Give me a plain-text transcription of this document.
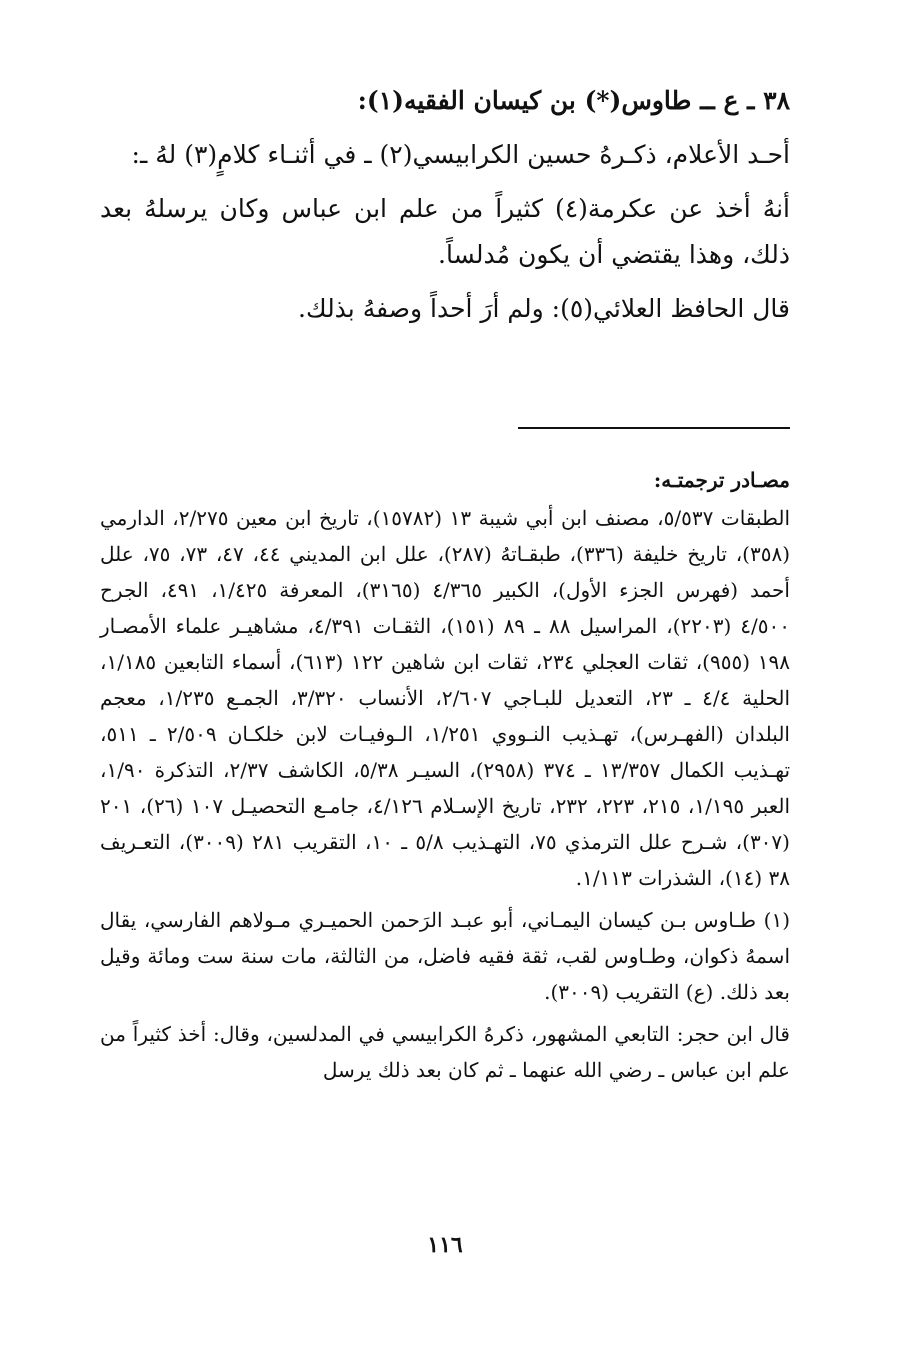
٣٨ ـ ع ــ طاوس(*) بن كيسان الفقيه(١):

أحـد الأعلام، ذكـرهُ حسين الكرابيسي(٢) ـ في أثنـاء كلامٍ(٣) لهُ ـ:

أنهُ أخذ عن عكرمة(٤) كثيراً من علم ابن عباس وكان يرسلهُ بعد ذلك، وهذا يقتضي أن يكون مُدلساً.

قال الحافظ العلائي(٥): ولم أرَ أحداً وصفهُ بذلك.

مصـادر ترجمتـه:

الطبقات ٥/٥٣٧، مصنف ابن أبي شيبة ١٣ (١٥٧٨٢)، تاريخ ابن معين ٢/٢٧٥، الدارمي (٣٥٨)، تاريخ خليفة (٣٣٦)، طبقـاتهُ (٢٨٧)، علل ابن المديني ٤٤، ٤٧، ٧٣، ٧٥، علل أحمد (فهرس الجزء الأول)، الكبير ٤/٣٦٥ (٣١٦٥)، المعرفة ١/٤٢٥، ٤٩١، الجرح ٤/٥٠٠ (٢٢٠٣)، المراسيل ٨٨ ـ ٨٩ (١٥١)، الثقـات ٤/٣٩١، مشاهيـر علماء الأمصـار ١٩٨ (٩٥٥)، ثقات العجلي ٢٣٤، ثقات ابن شاهين ١٢٢ (٦١٣)، أسماء التابعين ١/١٨٥، الحلية ٤/٤ ـ ٢٣، التعديل للبـاجي ٢/٦٠٧، الأنساب ٣/٣٢٠، الجمـع ١/٢٣٥، معجم البلدان (الفهـرس)، تهـذيب النـووي ١/٢٥١، الـوفيـات لابن خلكـان ٢/٥٠٩ ـ ٥١١، تهـذيب الكمال ١٣/٣٥٧ ـ ٣٧٤ (٢٩٥٨)، السيـر ٥/٣٨، الكاشف ٢/٣٧، التذكرة ١/٩٠، العبر ١/١٩٥، ٢١٥، ٢٢٣، ٢٣٢، تاريخ الإسـلام ٤/١٢٦، جامـع التحصيـل ١٠٧ (٢٦)، ٢٠١ (٣٠٧)، شـرح علل الترمذي ٧٥، التهـذيب ٥/٨ ـ ١٠، التقريب ٢٨١ (٣٠٠٩)، التعـريف ٣٨ (١٤)، الشذرات ١/١١٣.

(١) طـاوس بـن كيسان اليمـاني، أبو عبـد الرَحمن الحميـري مـولاهم الفارسي، يقال اسمهُ ذكوان، وطـاوس لقب، ثقة فقيه فاضل، من الثالثة، مات سنة ست ومائة وقيل بعد ذلك. (ع) التقريب (٣٠٠٩).

قال ابن حجر: التابعي المشهور، ذكرهُ الكرابيسي في المدلسين، وقال: أخذ كثيراً من علم ابن عباس ـ رضي الله عنهما ـ ثم كان بعد ذلك يرسل

١١٦
